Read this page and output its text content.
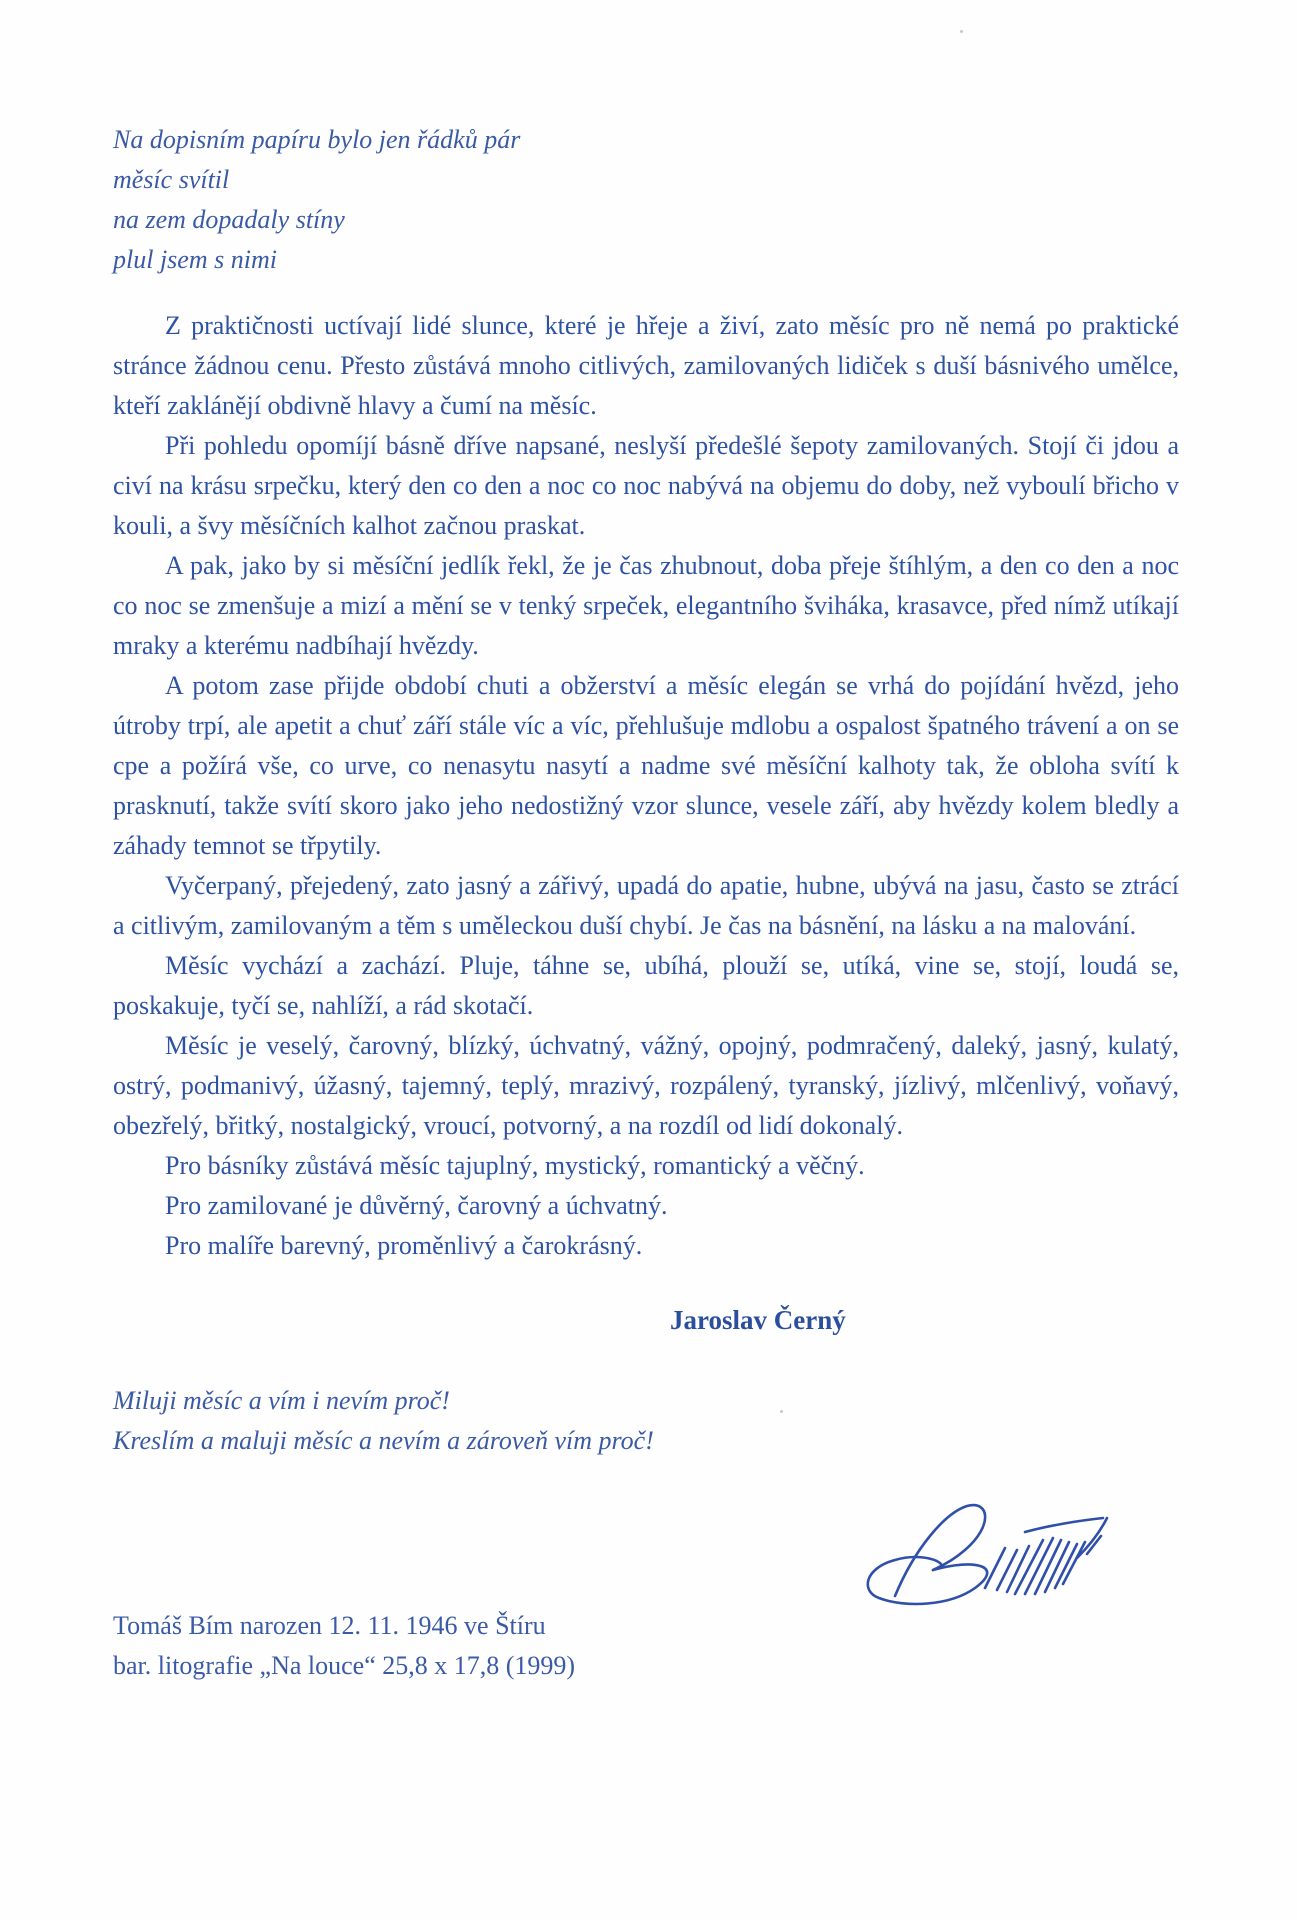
Na dopisním papíru bylo jen řádků pár
měsíc svítil
na zem dopadaly stíny
plul jsem s nimi

Z praktičnosti uctívají lidé slunce, které je hřeje a živí, zato měsíc pro ně nemá po praktické stránce žádnou cenu. Přesto zůstává mnoho citlivých, zamilovaných lidiček s duší básnivého umělce, kteří zaklánějí obdivně hlavy a čumí na měsíc.

Při pohledu opomíjí básně dříve napsané, neslyší předešlé šepoty zamilovaných. Stojí či jdou a civí na krásu srpečku, který den co den a noc co noc nabývá na objemu do doby, než vyboulí břicho v kouli, a švy měsíčních kalhot začnou praskat.

A pak, jako by si měsíční jedlík řekl, že je čas zhubnout, doba přeje štíhlým, a den co den a noc co noc se zmenšuje a mizí a mění se v tenký srpeček, elegantního šviháka, krasavce, před nímž utíkají mraky a kterému nadbíhají hvězdy.

A potom zase přijde období chuti a obžerství a měsíc elegán se vrhá do pojídání hvězd, jeho útroby trpí, ale apetit a chuť září stále víc a víc, přehlušuje mdlobu a ospalost špatného trávení a on se cpe a požírá vše, co urve, co nenasytu nasytí a nadme své měsíční kalhoty tak, že obloha svítí k prasknutí, takže svítí skoro jako jeho nedostižný vzor slunce, vesele září, aby hvězdy kolem bledly a záhady temnot se třpytily.

Vyčerpaný, přejedený, zato jasný a zářivý, upadá do apatie, hubne, ubývá na jasu, často se ztrácí a citlivým, zamilovaným a těm s uměleckou duší chybí. Je čas na básnění, na lásku a na malování.

Měsíc vychází a zachází. Pluje, táhne se, ubíhá, plouží se, utíká, vine se, stojí, loudá se, poskakuje, tyčí se, nahlíží, a rád skotačí.

Měsíc je veselý, čarovný, blízký, úchvatný, vážný, opojný, podmračený, daleký, jasný, kulatý, ostrý, podmanivý, úžasný, tajemný, teplý, mrazivý, rozpálený, tyranský, jízlivý, mlčenlivý, voňavý, obezřelý, břitký, nostalgický, vroucí, potvorný, a na rozdíl od lidí dokonalý.

Pro básníky zůstává měsíc tajuplný, mystický, romantický a věčný.

Pro zamilované je důvěrný, čarovný a úchvatný.

Pro malíře barevný, proměnlivý a čarokrásný.

Jaroslav Černý
Miluji měsíc a vím i nevím proč!
Kreslím a maluji měsíc a nevím a zároveň vím proč!
Tomáš Bím narozen 12. 11. 1946 ve Štíru
bar. litografie „Na louce“ 25,8 x 17,8 (1999)
